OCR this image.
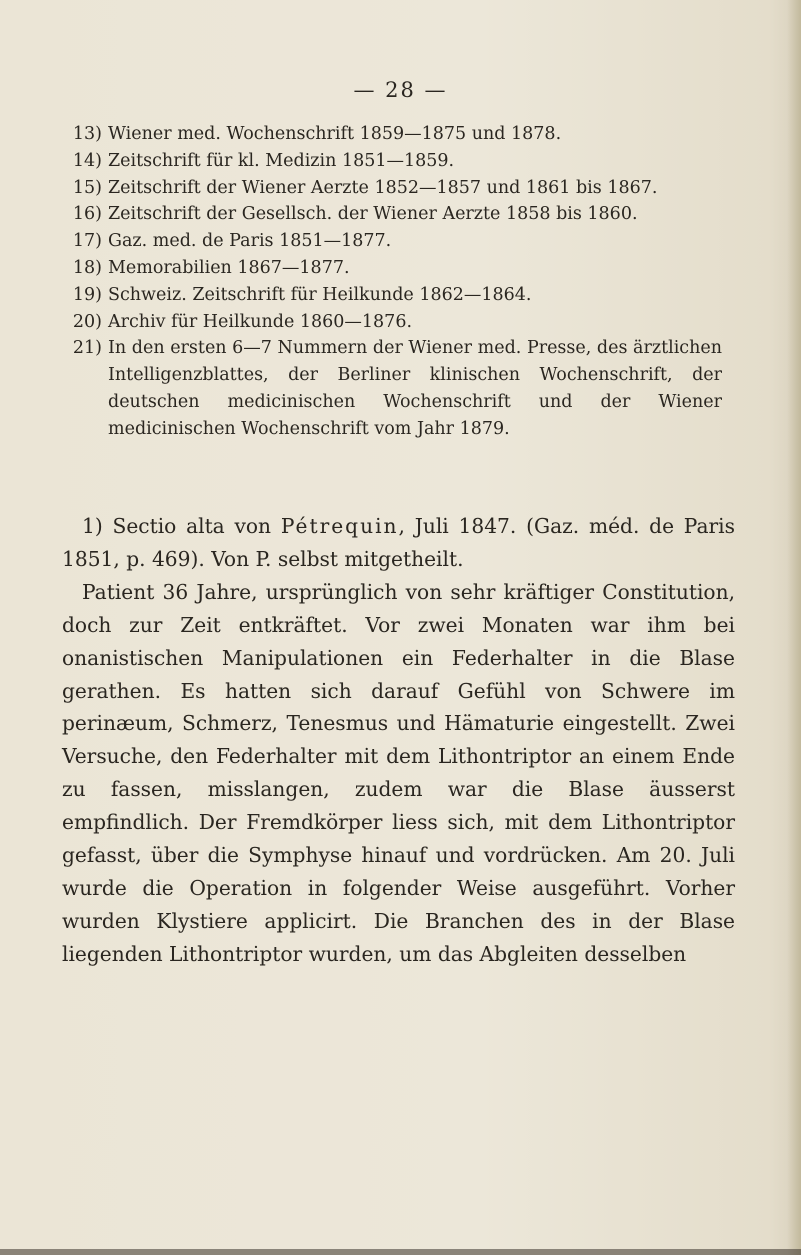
— 28 —
13) Wiener med. Wochenschrift 1859—1875 und 1878.
14) Zeitschrift für kl. Medizin 1851—1859.
15) Zeitschrift der Wiener Aerzte 1852—1857 und 1861 bis 1867.
16) Zeitschrift der Gesellsch. der Wiener Aerzte 1858 bis 1860.
17) Gaz. med. de Paris 1851—1877.
18) Memorabilien 1867—1877.
19) Schweiz. Zeitschrift für Heilkunde 1862—1864.
20) Archiv für Heilkunde 1860—1876.
21) In den ersten 6—7 Nummern der Wiener med. Presse, des ärztlichen Intelligenzblattes, der Berliner klinischen Wochenschrift, der deutschen medicinischen Wochenschrift und der Wiener medicinischen Wochenschrift vom Jahr 1879.

1) Sectio alta von Pétrequin, Juli 1847. (Gaz. méd. de Paris 1851, p. 469). Von P. selbst mitgetheilt.

Patient 36 Jahre, ursprünglich von sehr kräftiger Constitution, doch zur Zeit entkräftet. Vor zwei Monaten war ihm bei onanistischen Manipulationen ein Federhalter in die Blase gerathen. Es hatten sich darauf Gefühl von Schwere im perinæum, Schmerz, Tenesmus und Hämaturie eingestellt. Zwei Versuche, den Federhalter mit dem Lithontriptor an einem Ende zu fassen, misslangen, zudem war die Blase äusserst empfindlich. Der Fremdkörper liess sich, mit dem Lithontriptor gefasst, über die Symphyse hinauf und vordrücken. Am 20. Juli wurde die Operation in folgender Weise ausgeführt. Vorher wurden Klystiere applicirt. Die Branchen des in der Blase liegenden Lithontriptor wurden, um das Abgleiten desselben
